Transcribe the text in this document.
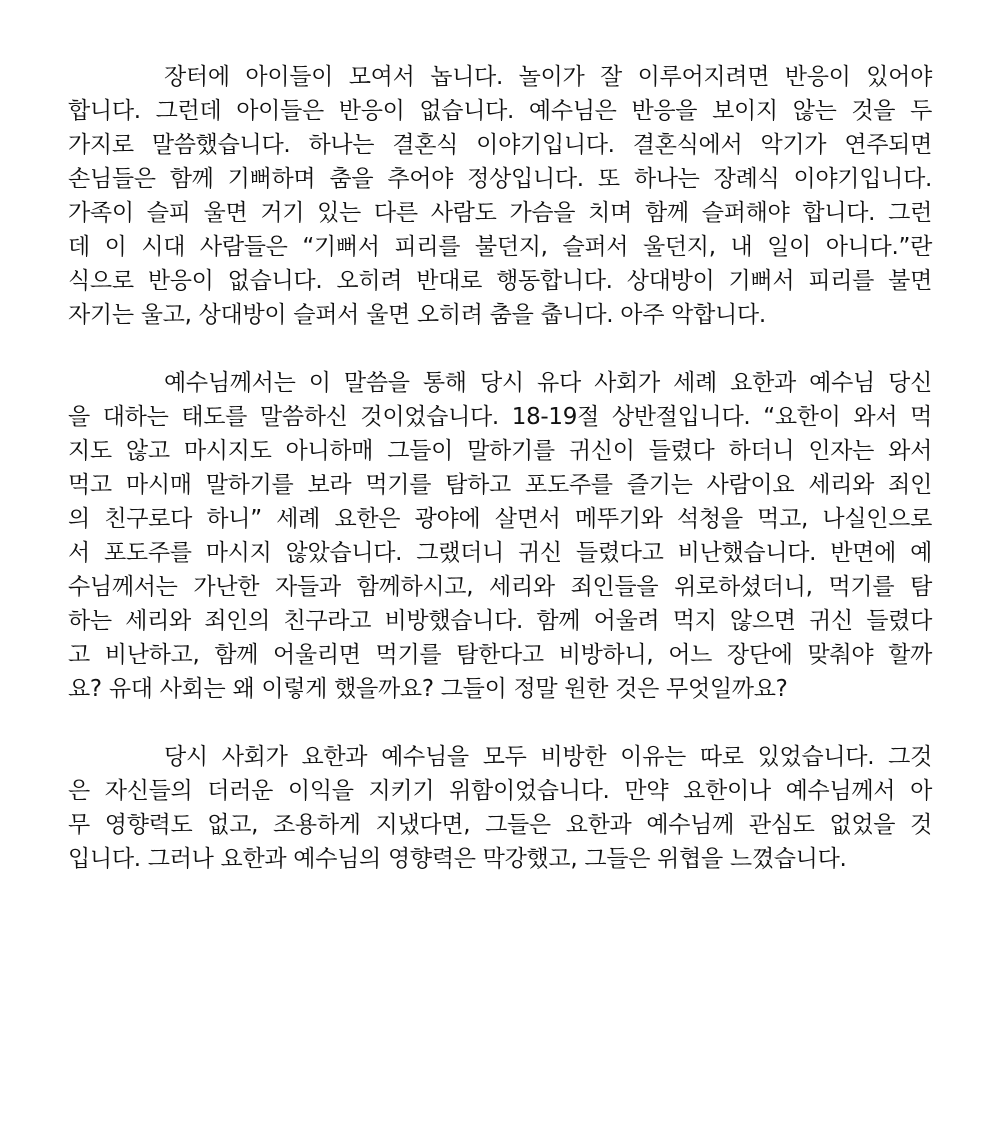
장터에 아이들이 모여서 놉니다. 놀이가 잘 이루어지려면 반응이 있어야
합니다. 그런데 아이들은 반응이 없습니다. 예수님은 반응을 보이지 않는 것을 두
가지로 말씀했습니다. 하나는 결혼식 이야기입니다. 결혼식에서 악기가 연주되면
손님들은 함께 기뻐하며 춤을 추어야 정상입니다. 또 하나는 장례식 이야기입니다.
가족이 슬피 울면 거기 있는 다른 사람도 가슴을 치며 함께 슬퍼해야 합니다. 그런
데 이 시대 사람들은 “기뻐서 피리를 불던지, 슬퍼서 울던지, 내 일이 아니다.”란
식으로 반응이 없습니다. 오히려 반대로 행동합니다. 상대방이 기뻐서 피리를 불면
자기는 울고, 상대방이 슬퍼서 울면 오히려 춤을 춥니다. 아주 악합니다.
예수님께서는 이 말씀을 통해 당시 유다 사회가 세례 요한과 예수님 당신
을 대하는 태도를 말씀하신 것이었습니다. 18-19절 상반절입니다. “요한이 와서 먹
지도 않고 마시지도 아니하매 그들이 말하기를 귀신이 들렸다 하더니 인자는 와서
먹고 마시매 말하기를 보라 먹기를 탐하고 포도주를 즐기는 사람이요 세리와 죄인
의 친구로다 하니” 세례 요한은 광야에 살면서 메뚜기와 석청을 먹고, 나실인으로
서 포도주를 마시지 않았습니다. 그랬더니 귀신 들렸다고 비난했습니다. 반면에 예
수님께서는 가난한 자들과 함께하시고, 세리와 죄인들을 위로하셨더니, 먹기를 탐
하는 세리와 죄인의 친구라고 비방했습니다. 함께 어울려 먹지 않으면 귀신 들렸다
고 비난하고, 함께 어울리면 먹기를 탐한다고 비방하니, 어느 장단에 맞춰야 할까
요? 유대 사회는 왜 이렇게 했을까요? 그들이 정말 원한 것은 무엇일까요?
당시 사회가 요한과 예수님을 모두 비방한 이유는 따로 있었습니다. 그것
은 자신들의 더러운 이익을 지키기 위함이었습니다. 만약 요한이나 예수님께서 아
무 영향력도 없고, 조용하게 지냈다면, 그들은 요한과 예수님께 관심도 없었을 것
입니다. 그러나 요한과 예수님의 영향력은 막강했고, 그들은 위협을 느꼈습니다.
